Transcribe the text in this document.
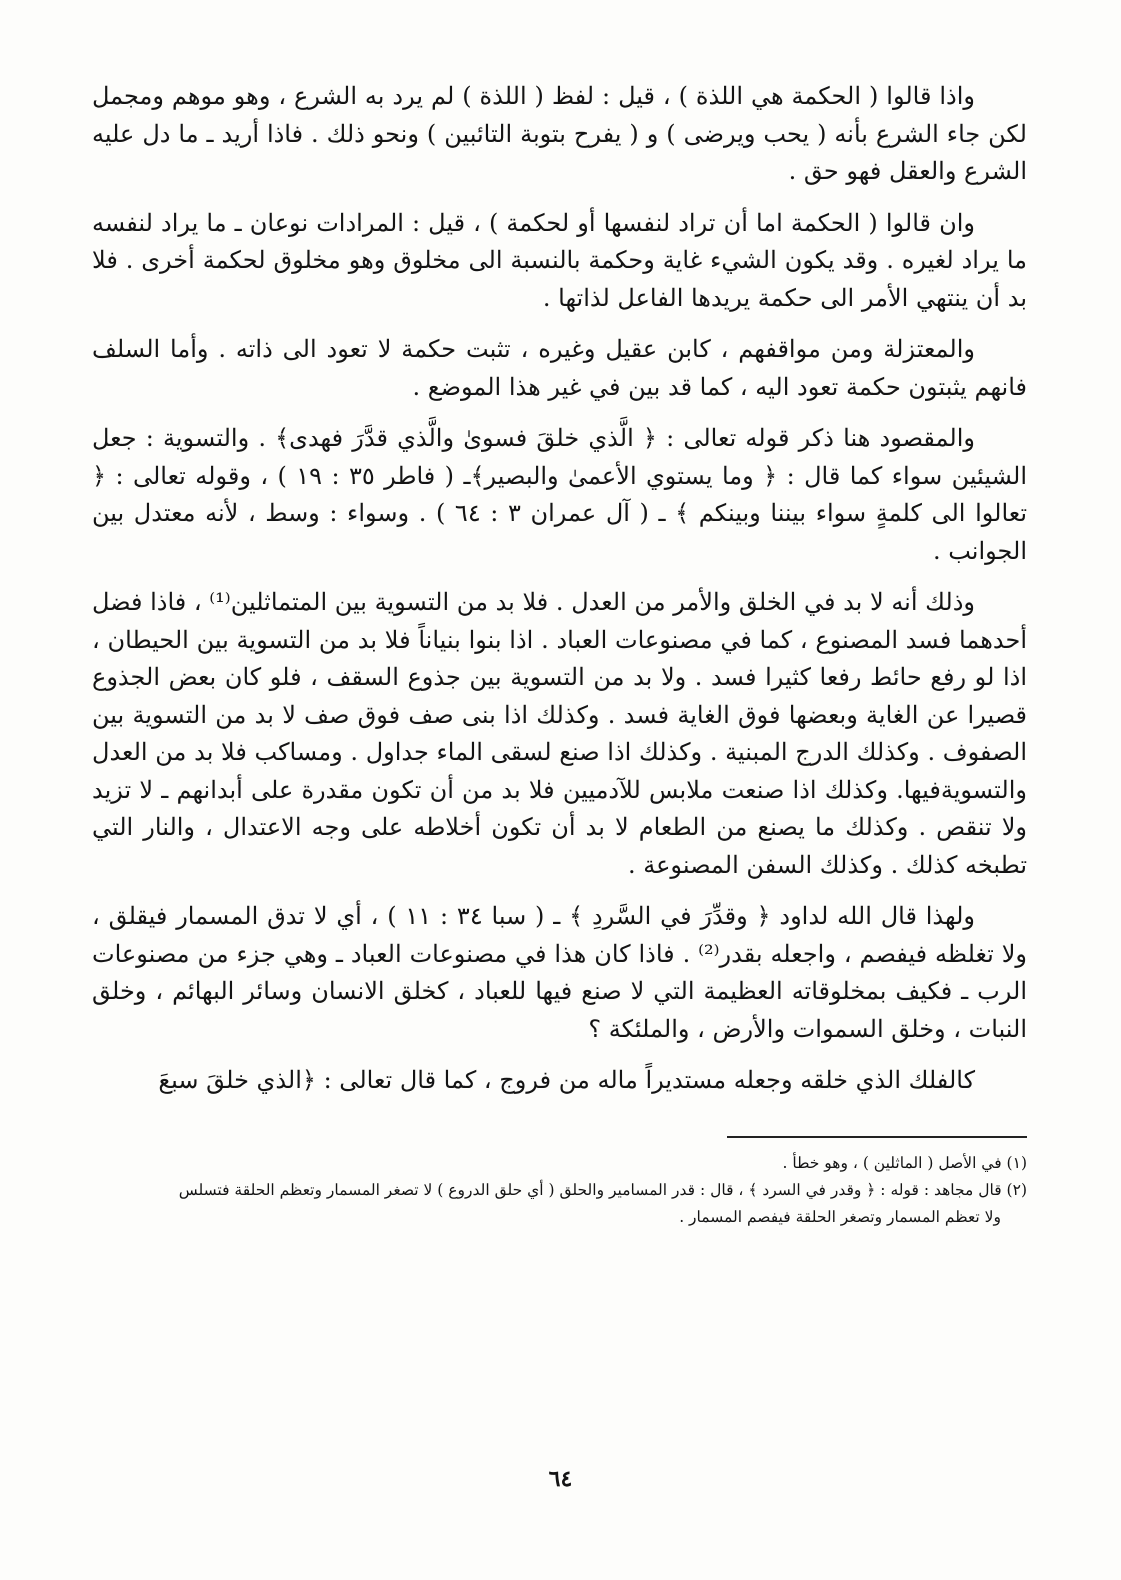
واذا قالوا ( الحكمة هي اللذة ) ، قيل : لفظ ( اللذة ) لم يرد به الشرع ، وهو موهم ومجمل لكن جاء الشرع بأنه ( يحب ويرضى ) و ( يفرح بتوبة التائبين ) ونحو ذلك . فاذا أريد ـ ما دل عليه الشرع والعقل فهو حق .

وان قالوا ( الحكمة اما أن تراد لنفسها أو لحكمة ) ، قيل : المرادات نوعان ـ ما يراد لنفسه ما يراد لغيره . وقد يكون الشيء غاية وحكمة بالنسبة الى مخلوق وهو مخلوق لحكمة أخرى . فلا بد أن ينتهي الأمر الى حكمة يريدها الفاعل لذاتها .

والمعتزلة ومن مواقفهم ، كابن عقيل وغيره ، تثبت حكمة لا تعود الى ذاته . وأما السلف فانهم يثبتون حكمة تعود اليه ، كما قد بين في غير هذا الموضع .

والمقصود هنا ذكر قوله تعالى : ﴿ الَّذي خلقَ فسوىٰ والَّذي قدَّرَ فهدى﴾ . والتسوية : جعل الشيئين سواء كما قال : ﴿ وما يستوي الأعمىٰ والبصير﴾ـ ( فاطر ٣٥ : ١٩ ) ، وقوله تعالى : ﴿ تعالوا الى كلمةٍ سواء بيننا وبينكم ﴾ ـ ( آل عمران ٣ : ٦٤ ) . وسواء : وسط ، لأنه معتدل بين الجوانب .

وذلك أنه لا بد في الخلق والأمر من العدل . فلا بد من التسوية بين المتماثلين⁽¹⁾ ، فاذا فضل أحدهما فسد المصنوع ، كما في مصنوعات العباد . اذا بنوا بنياناً فلا بد من التسوية بين الحيطان ، اذا لو رفع حائط رفعا كثيرا فسد . ولا بد من التسوية بين جذوع السقف ، فلو كان بعض الجذوع قصيرا عن الغاية وبعضها فوق الغاية فسد . وكذلك اذا بنى صف فوق صف لا بد من التسوية بين الصفوف . وكذلك الدرج المبنية . وكذلك اذا صنع لسقى الماء جداول . ومساكب فلا بد من العدل والتسويةفيها. وكذلك اذا صنعت ملابس للآدميين فلا بد من أن تكون مقدرة على أبدانهم ـ لا تزيد ولا تنقص . وكذلك ما يصنع من الطعام لا بد أن تكون أخلاطه على وجه الاعتدال ، والنار التي تطبخه كذلك . وكذلك السفن المصنوعة .

ولهذا قال الله لداود ﴿ وقدِّرَ في السَّردِ ﴾ ـ ( سبا ٣٤ : ١١ ) ، أي لا تدق المسمار فيقلق ، ولا تغلظه فيفصم ، واجعله بقدر⁽²⁾ . فاذا كان هذا في مصنوعات العباد ـ وهي جزء من مصنوعات الرب ـ فكيف بمخلوقاته العظيمة التي لا صنع فيها للعباد ، كخلق الانسان وسائر البهائم ، وخلق النبات ، وخلق السموات والأرض ، والملئكة ؟

كالفلك الذي خلقه وجعله مستديراً ماله من فروج ، كما قال تعالى : ﴿الذي خلقَ سبعَ

(١) في الأصل ( الماثلين ) ، وهو خطأ .

(٢) قال مجاهد : قوله : ﴿ وقدر في السرد ﴾ ، قال : قدر المسامير والحلق ( أي حلق الدروع ) لا تصغر المسمار وتعظم الحلقة فتسلس
ولا تعظم المسمار وتصغر الحلقة فيفصم المسمار .

٦٤
